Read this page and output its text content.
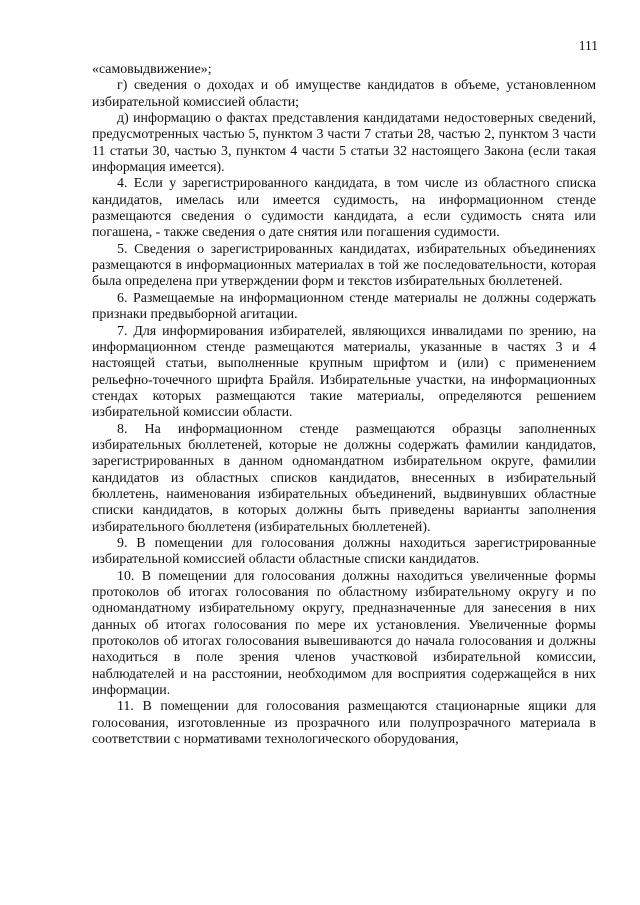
111

«самовыдвижение»;

г) сведения о доходах и об имуществе кандидатов в объеме, установленном избирательной комиссией области;

д) информацию о фактах представления кандидатами недостоверных сведений, предусмотренных частью 5, пунктом 3 части 7 статьи 28, частью 2, пунктом 3 части 11 статьи 30, частью 3, пунктом 4 части 5 статьи 32 настоящего Закона (если такая информация имеется).

4. Если у зарегистрированного кандидата, в том числе из областного списка кандидатов, имелась или имеется судимость, на информационном стенде размещаются сведения о судимости кандидата, а если судимость снята или погашена, - также сведения о дате снятия или погашения судимости.

5. Сведения о зарегистрированных кандидатах, избирательных объединениях размещаются в информационных материалах в той же последовательности, которая была определена при утверждении форм и текстов избирательных бюллетеней.

6. Размещаемые на информационном стенде материалы не должны содержать признаки предвыборной агитации.

7. Для информирования избирателей, являющихся инвалидами по зрению, на информационном стенде размещаются материалы, указанные в частях 3 и 4 настоящей статьи, выполненные крупным шрифтом и (или) с применением рельефно-точечного шрифта Брайля. Избирательные участки, на информационных стендах которых размещаются такие материалы, определяются решением избирательной комиссии области.

8. На информационном стенде размещаются образцы заполненных избирательных бюллетеней, которые не должны содержать фамилии кандидатов, зарегистрированных в данном одномандатном избирательном округе, фамилии кандидатов из областных списков кандидатов, внесенных в избирательный бюллетень, наименования избирательных объединений, выдвинувших областные списки кандидатов, в которых должны быть приведены варианты заполнения избирательного бюллетеня (избирательных бюллетеней).

9. В помещении для голосования должны находиться зарегистрированные избирательной комиссией области областные списки кандидатов.

10. В помещении для голосования должны находиться увеличенные формы протоколов об итогах голосования по областному избирательному округу и по одномандатному избирательному округу, предназначенные для занесения в них данных об итогах голосования по мере их установления. Увеличенные формы протоколов об итогах голосования вывешиваются до начала голосования и должны находиться в поле зрения членов участковой избирательной комиссии, наблюдателей и на расстоянии, необходимом для восприятия содержащейся в них информации.

11. В помещении для голосования размещаются стационарные ящики для голосования, изготовленные из прозрачного или полупрозрачного материала в соответствии с нормативами технологического оборудования,
